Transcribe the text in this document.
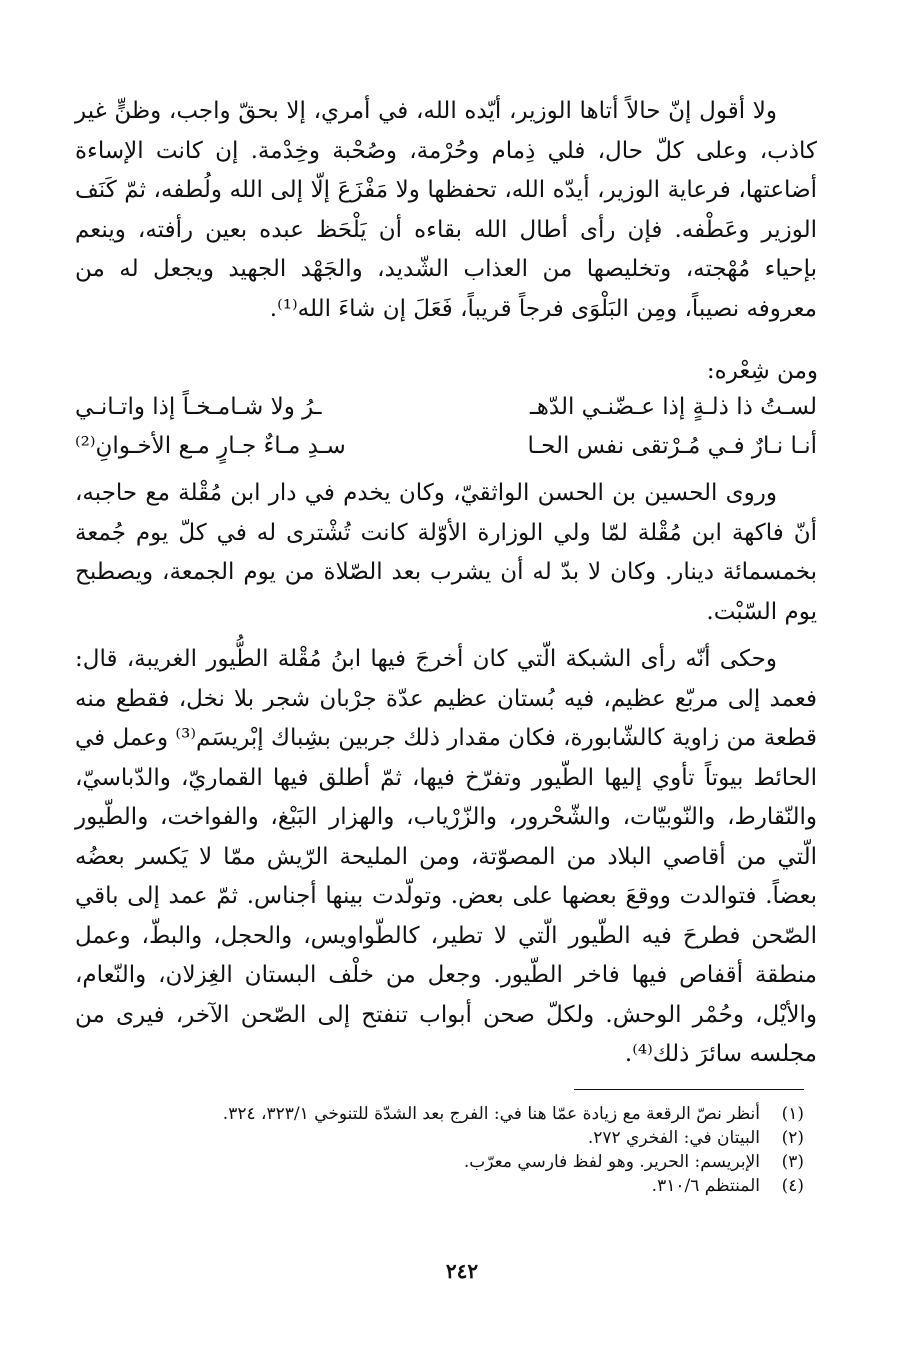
ولا أقول إنّ حالاً أتاها الوزير، أيّده الله، في أمري، إلا بحقّ واجب، وظنٍّ غير كاذب، وعلى كلّ حال، فلي ذِمام وحُرْمة، وصُحْبة وخِدْمة. إن كانت الإساءة أضاعتها، فرعاية الوزير، أيدّه الله، تحفظها ولا مَفْزَعَ إلّا إلى الله ولُطفه، ثمّ كَنَف الوزير وعَطْفه. فإن رأى أطال الله بقاءه أن يَلْحَظ عبده بعين رأفته، وينعم بإحياء مُهْجته، وتخليصها من العذاب الشّديد، والجَهْد الجهيد ويجعل له من معروفه نصيباً، ومِن البَلْوَى فرجاً قريباً، فَعَلَ إن شاءَ الله⁽¹⁾.

ومن شِعْره:
لسـتُ ذا ذلـةٍ إذا عـضّنـي الدّهـ
ـرُ ولا شـامـخـاً إذا واتـانـي
أنـا نـارٌ فـي مُـرْتقى نفس الحـا
سـدِ مـاءٌ جـارٍ مـع الأخـوانِ⁽²⁾

وروى الحسين بن الحسن الواثقيّ، وكان يخدم في دار ابن مُقْلة مع حاجبه، أنّ فاكهة ابن مُقْلة لمّا ولي الوزارة الأوّلة كانت تُشْترى له في كلّ يوم جُمعة بخمسمائة دينار. وكان لا بدّ له أن يشرب بعد الصّلاة من يوم الجمعة، ويصطبح يوم السّبْت.

وحكى أنّه رأى الشبكة الّتي كان أخرجَ فيها ابنُ مُقْلة الطُّيور الغريبة، قال: فعمد إلى مربّع عظيم، فيه بُستان عظيم عدّة جرْبان شجر بلا نخل، فقطع منه قطعة من زاوية كالشّابورة، فكان مقدار ذلك جربين بشِباك إبْريسَم⁽³⁾ وعمل في الحائط بيوتاً تأوي إليها الطّيور وتفرّخ فيها، ثمّ أطلق فيها القماريّ، والدّباسيّ، والنّقارط، والنّوبيّات، والشّحْرور، والزّرْياب، والهزار البَبْغ، والفواخت، والطّيور الّتي من أقاصي البلاد من المصوّتة، ومن المليحة الرّيش ممّا لا يَكسر بعضُه بعضاً. فتوالدت ووقعَ بعضها على بعض. وتولّدت بينها أجناس. ثمّ عمد إلى باقي الصّحن فطرحَ فيه الطّيور الّتي لا تطير، كالطّواويس، والحجل، والبطّ، وعمل منطقة أقفاص فيها فاخر الطّيور. وجعل من خلْف البستان الغِزلان، والنّعام، والأيْل، وحُمْر الوحش. ولكلّ صحن أبواب تنفتح إلى الصّحن الآخر، فيرى من مجلسه سائرَ ذلك⁽⁴⁾.

(١)
أنظر نصّ الرقعة مع زيادة عمّا هنا في: الفرج بعد الشدّة للتنوخي ٣٢٣/١، ٣٢٤.
(٢)
البيتان في: الفخري ٢٧٢.
(٣)
الإبريسم: الحرير. وهو لفظ فارسي معرّب.
(٤)
المنتظم ٣١٠/٦.
٢٤٢
